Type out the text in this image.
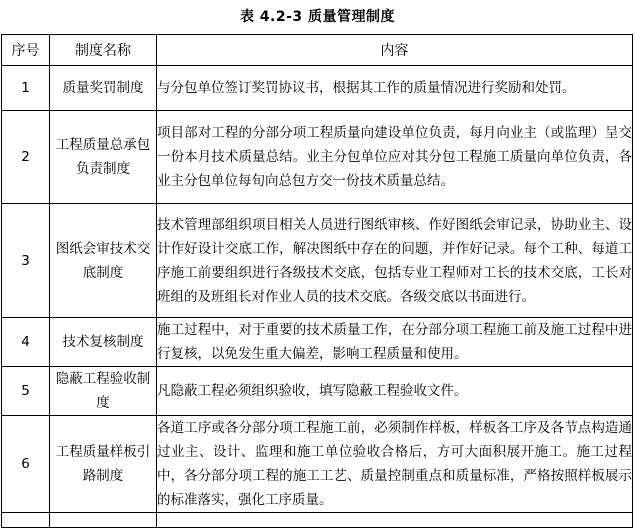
表 4.2-3 质量管理制度
序号	制度名称	内容
1	质量奖罚制度	与分包单位签订奖罚协议书，根据其工作的质量情况进行奖励和处罚。
2	工程质量总承包负责制度	项目部对工程的分部分项工程质量向建设单位负责，每月向业主（或监理）呈交一份本月技术质量总结。业主分包单位应对其分包工程施工质量向单位负责，各业主分包单位每旬向总包方交一份技术质量总结。
3	图纸会审技术交底制度	技术管理部组织项目相关人员进行图纸审核、作好图纸会审记录，协助业主、设计作好设计交底工作，解决图纸中存在的问题，并作好记录。每个工种、每道工序施工前要组织进行各级技术交底，包括专业工程师对工长的技术交底，工长对班组的及班组长对作业人员的技术交底。各级交底以书面进行。
4	技术复核制度	施工过程中，对于重要的技术质量工作，在分部分项工程施工前及施工过程中进行复核，以免发生重大偏差，影响工程质量和使用。
5	隐蔽工程验收制度	凡隐蔽工程必须组织验收，填写隐蔽工程验收文件。
6	工程质量样板引路制度	各道工序或各分部分项工程施工前，必须制作样板，样板各工序及各节点构造通过业主、设计、监理和施工单位验收合格后，方可大面积展开施工。施工过程中，各分部分项工程的施工工艺、质量控制重点和质量标准，严格按照样板展示的标准落实，强化工序质量。
